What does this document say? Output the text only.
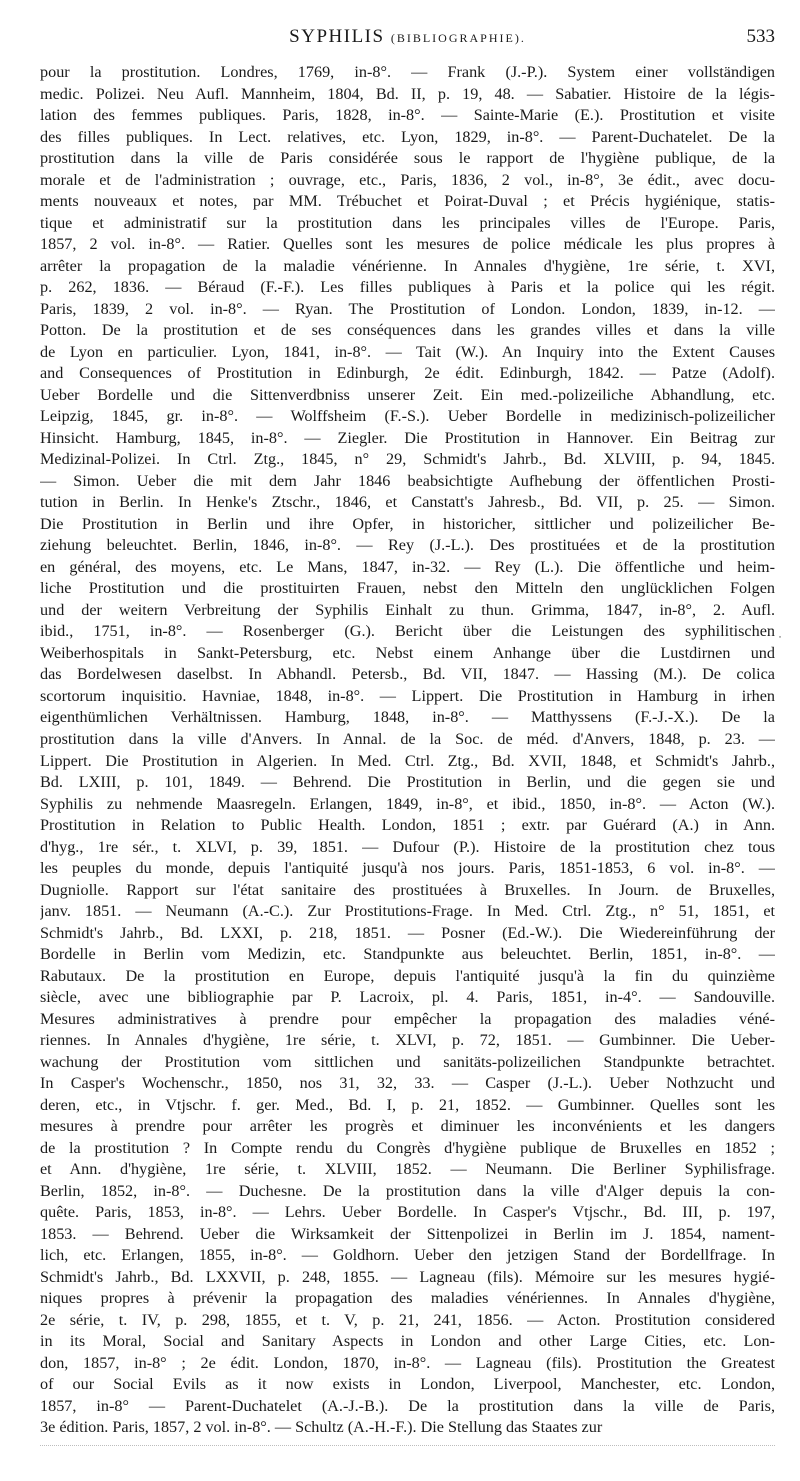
SYPHILIS (BIBLIOGRAPHIE).	533
pour la prostitution. Londres, 1769, in-8°. — Frank (J.-P.). System einer vollständigen
medic. Polizei. Neu Aufl. Mannheim, 1804, Bd. II, p. 19, 48. — Sabatier. Histoire de la légis-
lation des femmes publiques. Paris, 1828, in-8°. — Sainte-Marie (E.). Prostitution et visite
des filles publiques. In Lect. relatives, etc. Lyon, 1829, in-8°. — Parent-Duchatelet. De la
prostitution dans la ville de Paris considérée sous le rapport de l'hygiène publique, de la
morale et de l'administration ; ouvrage, etc., Paris, 1836, 2 vol., in-8°, 3e édit., avec docu-
ments nouveaux et notes, par MM. Trébuchet et Poirat-Duval ; et Précis hygiénique, statis-
tique et administratif sur la prostitution dans les principales villes de l'Europe. Paris,
1857, 2 vol. in-8°. — Ratier. Quelles sont les mesures de police médicale les plus propres à
arrêter la propagation de la maladie vénérienne. In Annales d'hygiène, 1re série, t. XVI,
p. 262, 1836. — Béraud (F.-F.). Les filles publiques à Paris et la police qui les régit.
Paris, 1839, 2 vol. in-8°. — Ryan. The Prostitution of London. London, 1839, in-12. —
Potton. De la prostitution et de ses conséquences dans les grandes villes et dans la ville
de Lyon en particulier. Lyon, 1841, in-8°. — Tait (W.). An Inquiry into the Extent Causes
and Consequences of Prostitution in Edinburgh, 2e édit. Edinburgh, 1842. — Patze (Adolf).
Ueber Bordelle und die Sittenverdbniss unserer Zeit. Ein med.-polizeiliche Abhandlung, etc.
Leipzig, 1845, gr. in-8°. — Wolffsheim (F.-S.). Ueber Bordelle in medizinisch-polizeilicher
Hinsicht. Hamburg, 1845, in-8°. — Ziegler. Die Prostitution in Hannover. Ein Beitrag zur
Medizinal-Polizei. In Ctrl. Ztg., 1845, n° 29, Schmidt's Jahrb., Bd. XLVIII, p. 94, 1845.
— Simon. Ueber die mit dem Jahr 1846 beabsichtigte Aufhebung der öffentlichen Prosti-
tution in Berlin. In Henke's Ztschr., 1846, et Canstatt's Jahresb., Bd. VII, p. 25. — Simon.
Die Prostitution in Berlin und ihre Opfer, in historicher, sittlicher und polizeilicher Be-
ziehung beleuchtet. Berlin, 1846, in-8°. — Rey (J.-L.). Des prostituées et de la prostitution
en général, des moyens, etc. Le Mans, 1847, in-32. — Rey (L.). Die öffentliche und heim-
liche Prostitution und die prostituirten Frauen, nebst den Mitteln den unglücklichen Folgen
und der weitern Verbreitung der Syphilis Einhalt zu thun. Grimma, 1847, in-8°, 2. Aufl.
ibid., 1751, in-8°. — Rosenberger (G.). Bericht über die Leistungen des syphilitischen
Weiberhospitals in Sankt-Petersburg, etc. Nebst einem Anhange über die Lustdirnen und
das Bordelwesen daselbst. In Abhandl. Petersb., Bd. VII, 1847. — Hassing (M.). De colica
scortorum inquisitio. Havniae, 1848, in-8°. — Lippert. Die Prostitution in Hamburg in irhen
eigenthümlichen Verhältnissen. Hamburg, 1848, in-8°. — Matthyssens (F.-J.-X.). De la
prostitution dans la ville d'Anvers. In Annal. de la Soc. de méd. d'Anvers, 1848, p. 23. —
Lippert. Die Prostitution in Algerien. In Med. Ctrl. Ztg., Bd. XVII, 1848, et Schmidt's Jahrb.,
Bd. LXIII, p. 101, 1849. — Behrend. Die Prostitution in Berlin, und die gegen sie und
Syphilis zu nehmende Maasregeln. Erlangen, 1849, in-8°, et ibid., 1850, in-8°. — Acton (W.).
Prostitution in Relation to Public Health. London, 1851 ; extr. par Guérard (A.) in Ann.
d'hyg., 1re sér., t. XLVI, p. 39, 1851. — Dufour (P.). Histoire de la prostitution chez tous
les peuples du monde, depuis l'antiquité jusqu'à nos jours. Paris, 1851-1853, 6 vol. in-8°. —
Dugniolle. Rapport sur l'état sanitaire des prostituées à Bruxelles. In Journ. de Bruxelles,
janv. 1851. — Neumann (A.-C.). Zur Prostitutions-Frage. In Med. Ctrl. Ztg., n° 51, 1851, et
Schmidt's Jahrb., Bd. LXXI, p. 218, 1851. — Posner (Ed.-W.). Die Wiedereinführung der
Bordelle in Berlin vom Medizin, etc. Standpunkte aus beleuchtet. Berlin, 1851, in-8°. —
Rabutaux. De la prostitution en Europe, depuis l'antiquité jusqu'à la fin du quinzième
siècle, avec une bibliographie par P. Lacroix, pl. 4. Paris, 1851, in-4°. — Sandouville.
Mesures administratives à prendre pour empêcher la propagation des maladies véné-
riennes. In Annales d'hygiène, 1re série, t. XLVI, p. 72, 1851. — Gumbinner. Die Ueber-
wachung der Prostitution vom sittlichen und sanitäts-polizeilichen Standpunkte betrachtet.
In Casper's Wochenschr., 1850, nos 31, 32, 33. — Casper (J.-L.). Ueber Nothzucht und
deren, etc., in Vtjschr. f. ger. Med., Bd. I, p. 21, 1852. — Gumbinner. Quelles sont les
mesures à prendre pour arrêter les progrès et diminuer les inconvénients et les dangers
de la prostitution ? In Compte rendu du Congrès d'hygiène publique de Bruxelles en 1852 ;
et Ann. d'hygiène, 1re série, t. XLVIII, 1852. — Neumann. Die Berliner Syphilisfrage.
Berlin, 1852, in-8°. — Duchesne. De la prostitution dans la ville d'Alger depuis la con-
quête. Paris, 1853, in-8°. — Lehrs. Ueber Bordelle. In Casper's Vtjschr., Bd. III, p. 197,
1853. — Behrend. Ueber die Wirksamkeit der Sittenpolizei in Berlin im J. 1854, nament-
lich, etc. Erlangen, 1855, in-8°. — Goldhorn. Ueber den jetzigen Stand der Bordellfrage. In
Schmidt's Jahrb., Bd. LXXVII, p. 248, 1855. — Lagneau (fils). Mémoire sur les mesures hygié-
niques propres à prévenir la propagation des maladies vénériennes. In Annales d'hygiène,
2e série, t. IV, p. 298, 1855, et t. V, p. 21, 241, 1856. — Acton. Prostitution considered
in its Moral, Social and Sanitary Aspects in London and other Large Cities, etc. Lon-
don, 1857, in-8° ; 2e édit. London, 1870, in-8°. — Lagneau (fils). Prostitution the Greatest
of our Social Evils as it now exists in London, Liverpool, Manchester, etc. London,
1857, in-8° — Parent-Duchatelet (A.-J.-B.). De la prostitution dans la ville de Paris,
3e édition. Paris, 1857, 2 vol. in-8°. — Schultz (A.-H.-F.). Die Stellung das Staates zur
˙
